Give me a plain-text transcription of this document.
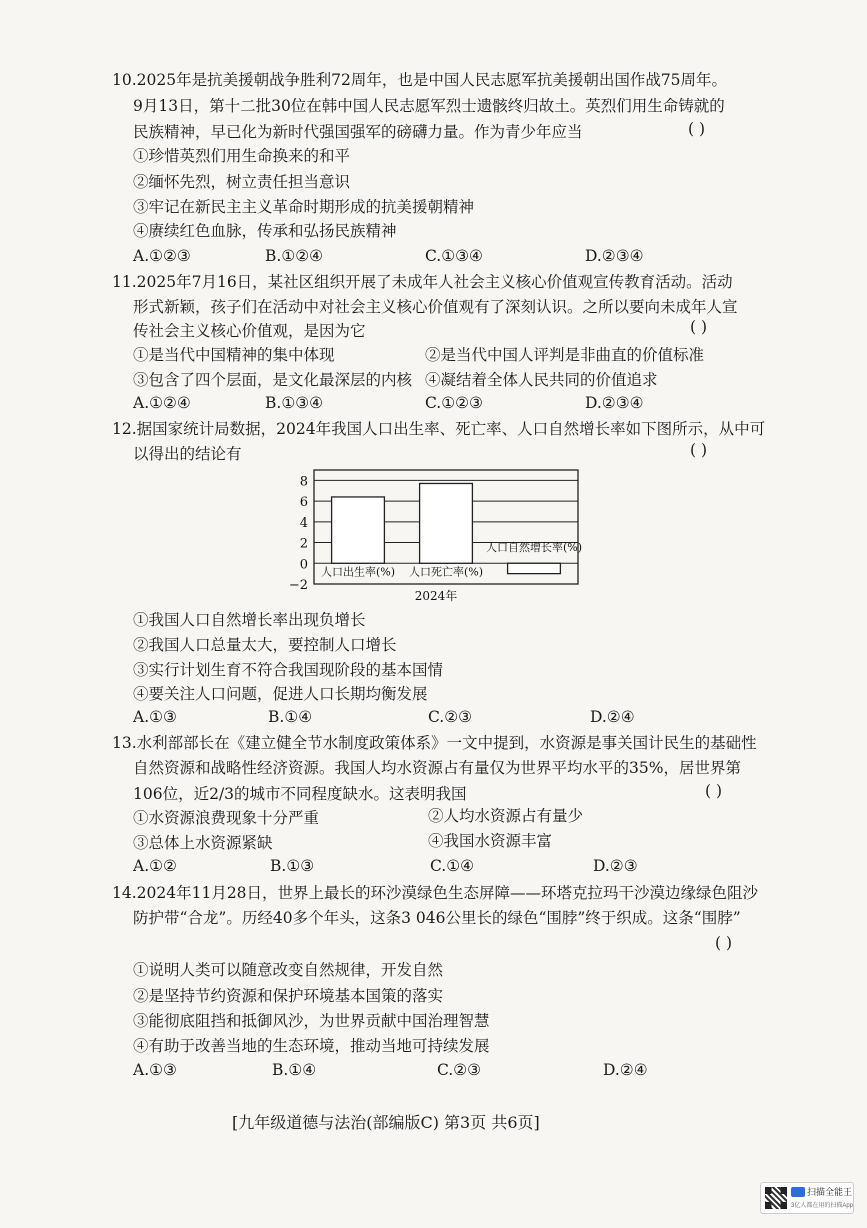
10.2025年是抗美援朝战争胜利72周年，也是中国人民志愿军抗美援朝出国作战75周年。
9月13日，第十二批30位在韩中国人民志愿军烈士遗骸终归故土。英烈们用生命铸就的
民族精神，早已化为新时代强国强军的磅礴力量。作为青少年应当	( )
①珍惜英烈们用生命换来的和平
②缅怀先烈，树立责任担当意识
③牢记在新民主主义革命时期形成的抗美援朝精神
④赓续红色血脉，传承和弘扬民族精神
A.①②③	B.①②④	C.①③④	D.②③④
11.2025年7月16日，某社区组织开展了未成年人社会主义核心价值观宣传教育活动。活动
形式新颖，孩子们在活动中对社会主义核心价值观有了深刻认识。之所以要向未成年人宣
传社会主义核心价值观，是因为它	( )
①是当代中国精神的集中体现	②是当代中国人评判是非曲直的价值标准
③包含了四个层面，是文化最深层的内核 ④凝结着全体人民共同的价值追求
A.①②④	B.①③④	C.①②③	D.②③④
12.据国家统计局数据，2024年我国人口出生率、死亡率、人口自然增长率如下图所示，从中可
以得出的结论有	( )
8
6
4
2
0
−2
人口出生率(%) 人口死亡率(%)
人口自然增长率(%)
2024年
①我国人口自然增长率出现负增长
②我国人口总量太大，要控制人口增长
③实行计划生育不符合我国现阶段的基本国情
④要关注人口问题，促进人口长期均衡发展
A.①③	B.①④	C.②③	D.②④
13.水利部部长在《建立健全节水制度政策体系》一文中提到，水资源是事关国计民生的基础性
自然资源和战略性经济资源。我国人均水资源占有量仅为世界平均水平的35%，居世界第
106位，近2/3的城市不同程度缺水。这表明我国	( )
①水资源浪费现象十分严重	②人均水资源占有量少
③总体上水资源紧缺	④我国水资源丰富
A.①②	B.①③	C.①④	D.②③
14.2024年11月28日，世界上最长的环沙漠绿色生态屏障——环塔克拉玛干沙漠边缘绿色阻沙
防护带“合龙”。历经40多个年头，这条3 046公里长的绿色“围脖”终于织成。这条“围脖”
( )
①说明人类可以随意改变自然规律，开发自然
②是坚持节约资源和保护环境基本国策的落实
③能彻底阻挡和抵御风沙，为世界贡献中国治理智慧
④有助于改善当地的生态环境，推动当地可持续发展
A.①③	B.①④	C.②③	D.②④
[九年级道德与法治(部编版C) 第3页 共6页]
扫描全能王
3亿人都在用的扫描App
